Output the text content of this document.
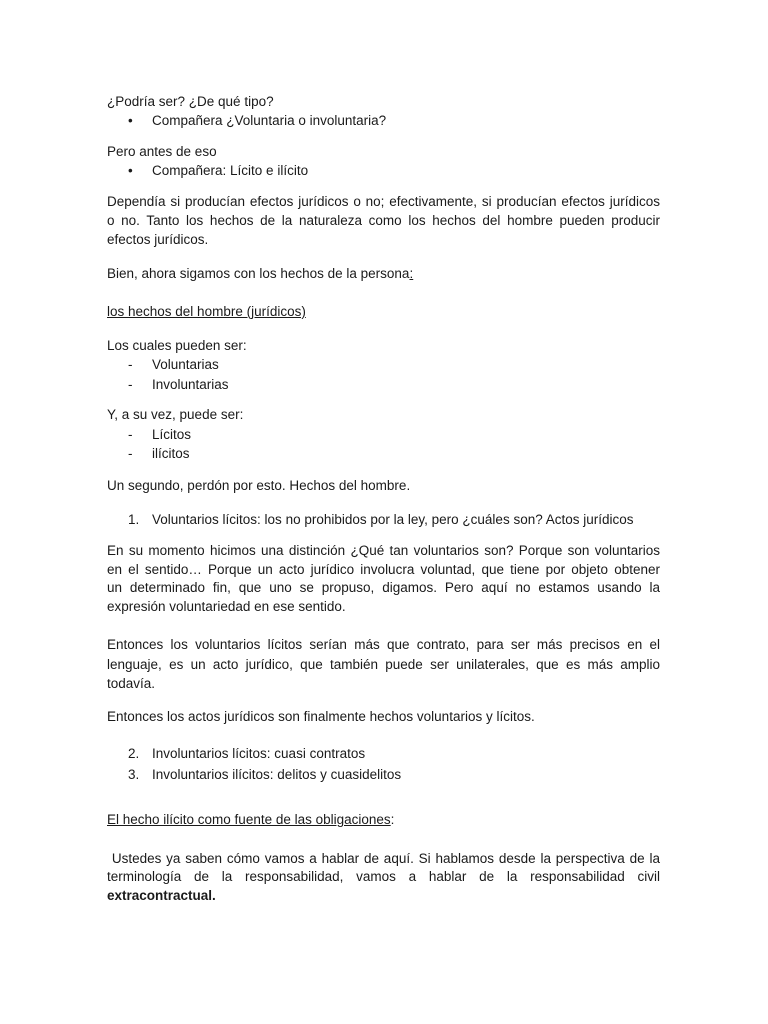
¿Podría ser? ¿De qué tipo?
• Compañera ¿Voluntaria o involuntaria?
Pero antes de eso
• Compañera: Lícito e ilícito
Dependía si producían efectos jurídicos o no; efectivamente, si producían efectos jurídicos
o no. Tanto los hechos de la naturaleza como los hechos del hombre pueden producir
efectos jurídicos.
Bien, ahora sigamos con los hechos de la persona:
los hechos del hombre (jurídicos)
Los cuales pueden ser:
- Voluntarias
- Involuntarias
Y, a su vez, puede ser:
- Lícitos
- ilícitos
Un segundo, perdón por esto. Hechos del hombre.
1. Voluntarios lícitos: los no prohibidos por la ley, pero ¿cuáles son? Actos jurídicos
En su momento hicimos una distinción ¿Qué tan voluntarios son? Porque son voluntarios
en el sentido… Porque un acto jurídico involucra voluntad, que tiene por objeto obtener
un determinado fin, que uno se propuso, digamos. Pero aquí no estamos usando la
expresión voluntariedad en ese sentido.
Entonces los voluntarios lícitos serían más que contrato, para ser más precisos en el
lenguaje, es un acto jurídico, que también puede ser unilaterales, que es más amplio
todavía.
Entonces los actos jurídicos son finalmente hechos voluntarios y lícitos.
2. Involuntarios lícitos: cuasi contratos
3. Involuntarios ilícitos: delitos y cuasidelitos
El hecho ilícito como fuente de las obligaciones:
Ustedes ya saben cómo vamos a hablar de aquí. Si hablamos desde la perspectiva de la
terminología de la responsabilidad, vamos a hablar de la responsabilidad civil
extracontractual.
